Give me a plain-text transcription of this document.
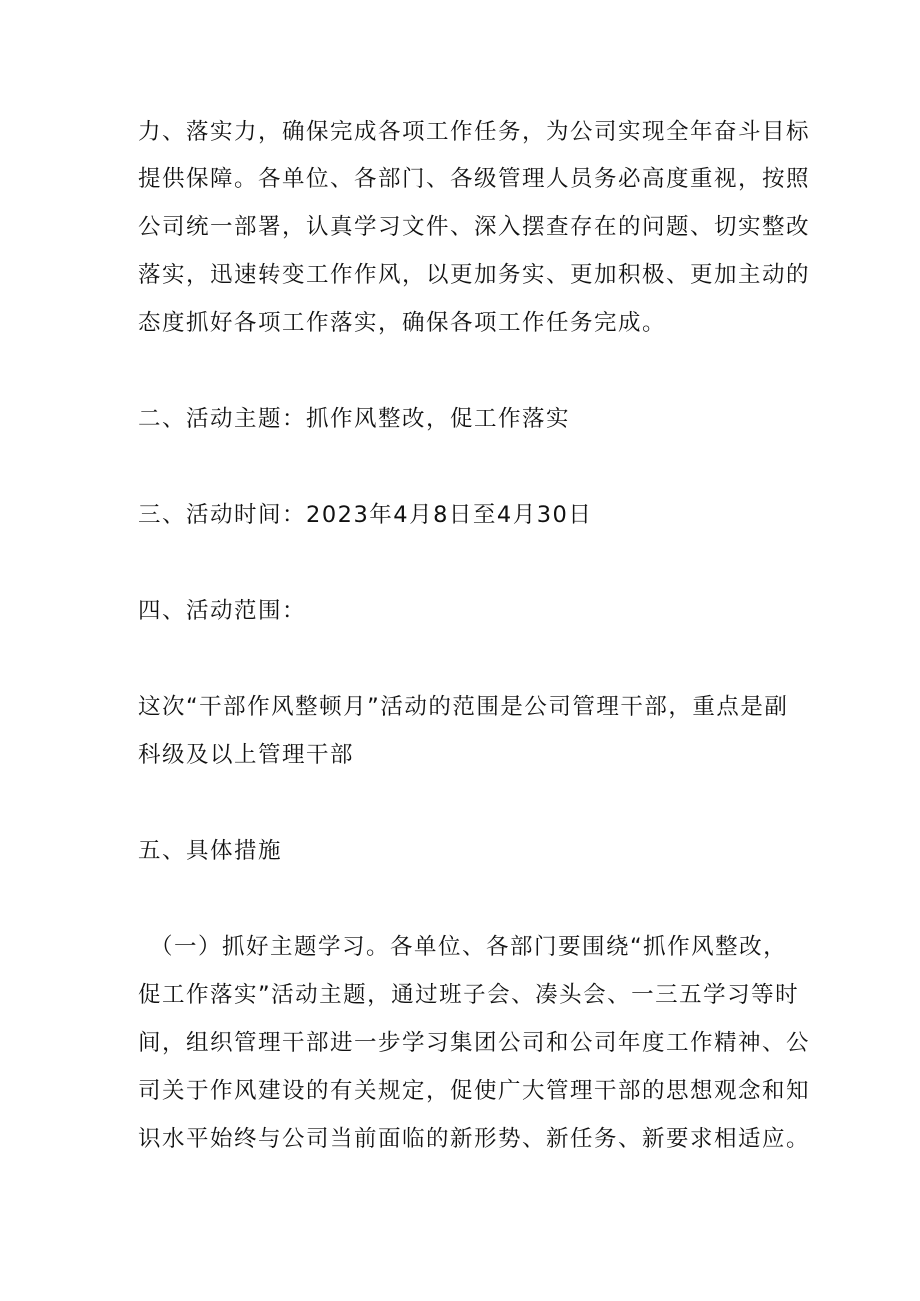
力、落实力，确保完成各项工作任务，为公司实现全年奋斗目标
提供保障。各单位、各部门、各级管理人员务必高度重视，按照
公司统一部署，认真学习文件、深入摆查存在的问题、切实整改
落实，迅速转变工作作风，以更加务实、更加积极、更加主动的
态度抓好各项工作落实，确保各项工作任务完成。
二、活动主题：抓作风整改，促工作落实
三、活动时间：2023年4月8日至4月30日
四、活动范围：
这次“干部作风整顿月”活动的范围是公司管理干部，重点是副
科级及以上管理干部
五、具体措施
（一）抓好主题学习。各单位、各部门要围绕“抓作风整改，
促工作落实”活动主题，通过班子会、凑头会、一三五学习等时
间，组织管理干部进一步学习集团公司和公司年度工作精神、公
司关于作风建设的有关规定，促使广大管理干部的思想观念和知
识水平始终与公司当前面临的新形势、新任务、新要求相适应。
